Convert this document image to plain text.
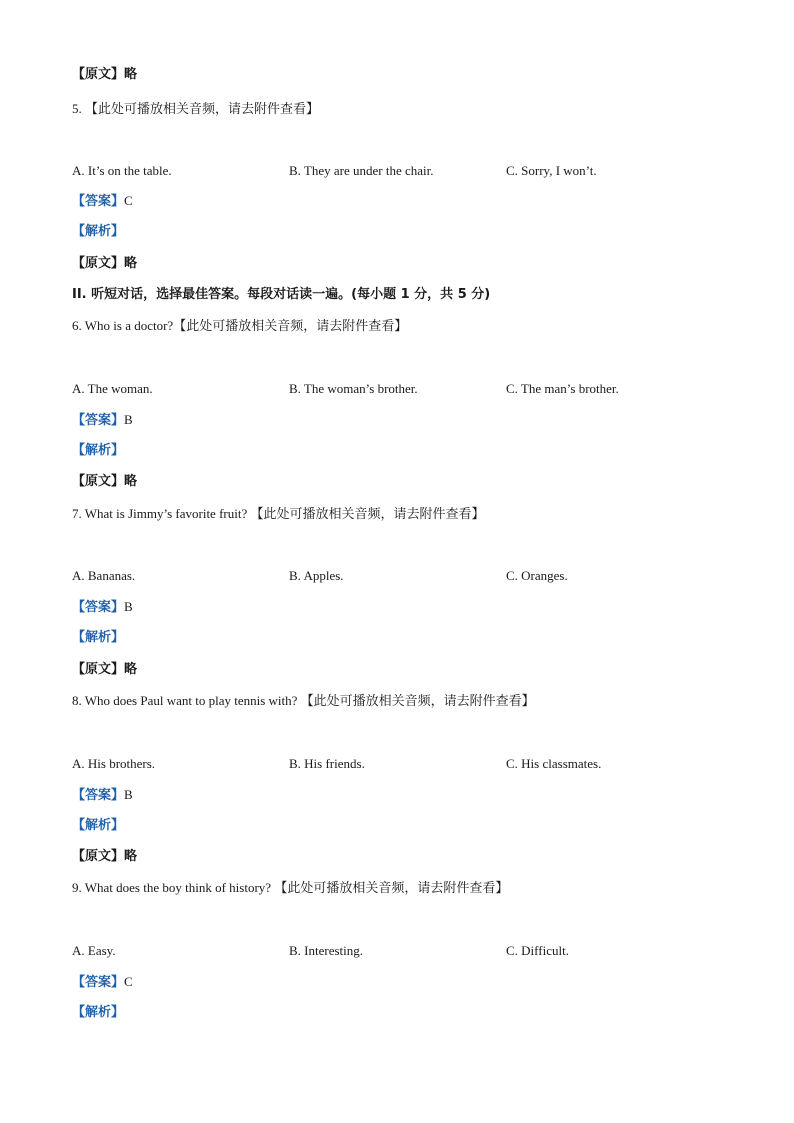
【原文】略
5. 【此处可播放相关音频，请去附件查看】
A. It’s on the table.	B. They are under the chair.	C. Sorry, I won’t.
【答案】C
【解析】
【原文】略
II. 听短对话，选择最佳答案。每段对话读一遍。(每小题 1 分，共 5 分)
6. Who is a doctor?【此处可播放相关音频，请去附件查看】
A. The woman.	B. The woman’s brother.	C. The man’s brother.
【答案】B
【解析】
【原文】略
7. What is Jimmy’s favorite fruit? 【此处可播放相关音频，请去附件查看】
A. Bananas.	B. Apples.	C. Oranges.
【答案】B
【解析】
【原文】略
8. Who does Paul want to play tennis with? 【此处可播放相关音频，请去附件查看】
A. His brothers.	B. His friends.	C. His classmates.
【答案】B
【解析】
【原文】略
9. What does the boy think of history? 【此处可播放相关音频，请去附件查看】
A. Easy.	B. Interesting.	C. Difficult.
【答案】C
【解析】
